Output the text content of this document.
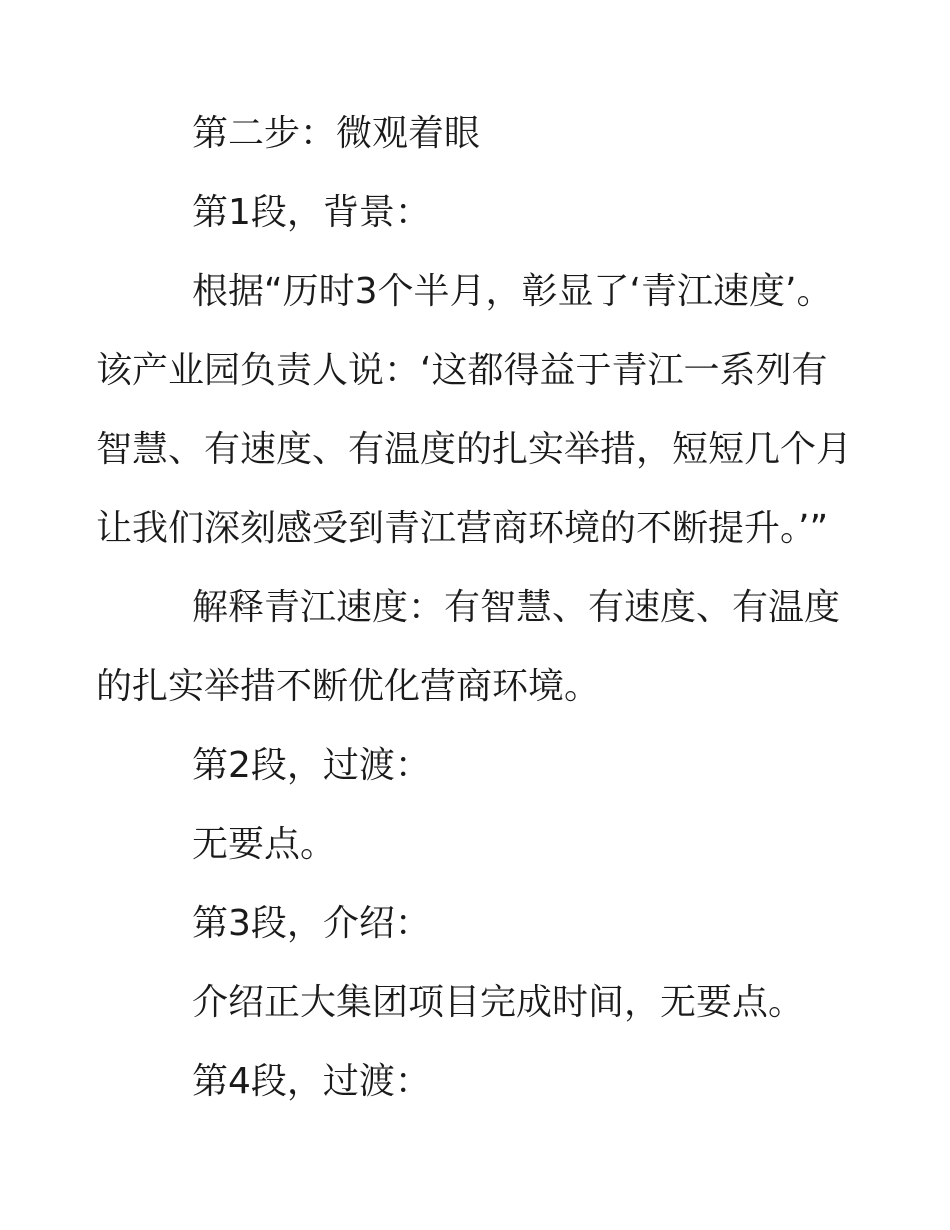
第二步：微观着眼

第1段，背景：

根据“历时3个半月，彰显了‘青江速度’。该产业园负责人说：‘这都得益于青江一系列有智慧、有速度、有温度的扎实举措，短短几个月让我们深刻感受到青江营商环境的不断提升。’”

解释青江速度：有智慧、有速度、有温度的扎实举措不断优化营商环境。

第2段，过渡：

无要点。

第3段，介绍：

介绍正大集团项目完成时间，无要点。

第4段，过渡：
